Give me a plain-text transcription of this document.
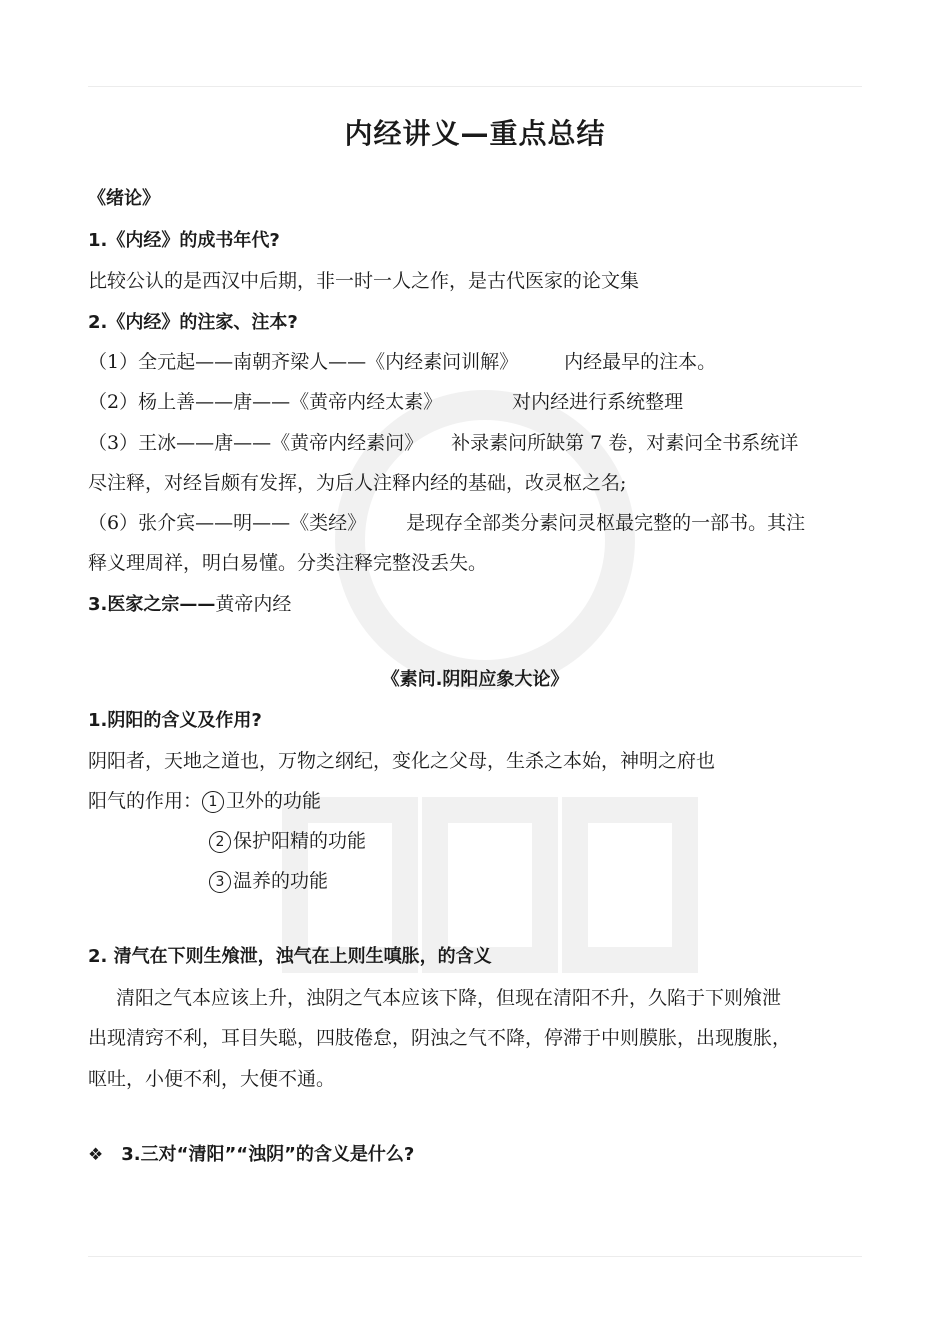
内经讲义—重点总结
《绪论》
1.《内经》的成书年代?
比较公认的是西汉中后期，非一时一人之作，是古代医家的论文集
2.《内经》的注家、注本?
（1）全元起——南朝齐梁人——《内经素问训解》 内经最早的注本。
（2）杨上善——唐——《黄帝内经太素》	对内经进行系统整理
（3）王冰——唐——《黄帝内经素问》 补录素问所缺第 7 卷，对素问全书系统详
尽注释，对经旨颇有发挥，为后人注释内经的基础，改灵枢之名;
（6）张介宾——明——《类经》 是现存全部类分素问灵枢最完整的一部书。其注
释义理周祥，明白易懂。分类注释完整没丢失。
3.医家之宗——黄帝内经
《素问.阴阳应象大论》
1.阴阳的含义及作用?
阴阳者，天地之道也，万物之纲纪，变化之父母，生杀之本始，神明之府也
阳气的作用： 1 卫外的功能
2 保护阳精的功能
3 温养的功能
2. 清气在下则生飧泄，浊气在上则生嗔胀，的含义
清阳之气本应该上升，浊阴之气本应该下降，但现在清阳不升，久陷于下则飧泄
出现清窍不利，耳目失聪，四肢倦怠，阴浊之气不降，停滞于中则膜胀，出现腹胀，
呕吐，小便不利，大便不通。
❖ 3.三对“清阳”“浊阴”的含义是什么?
